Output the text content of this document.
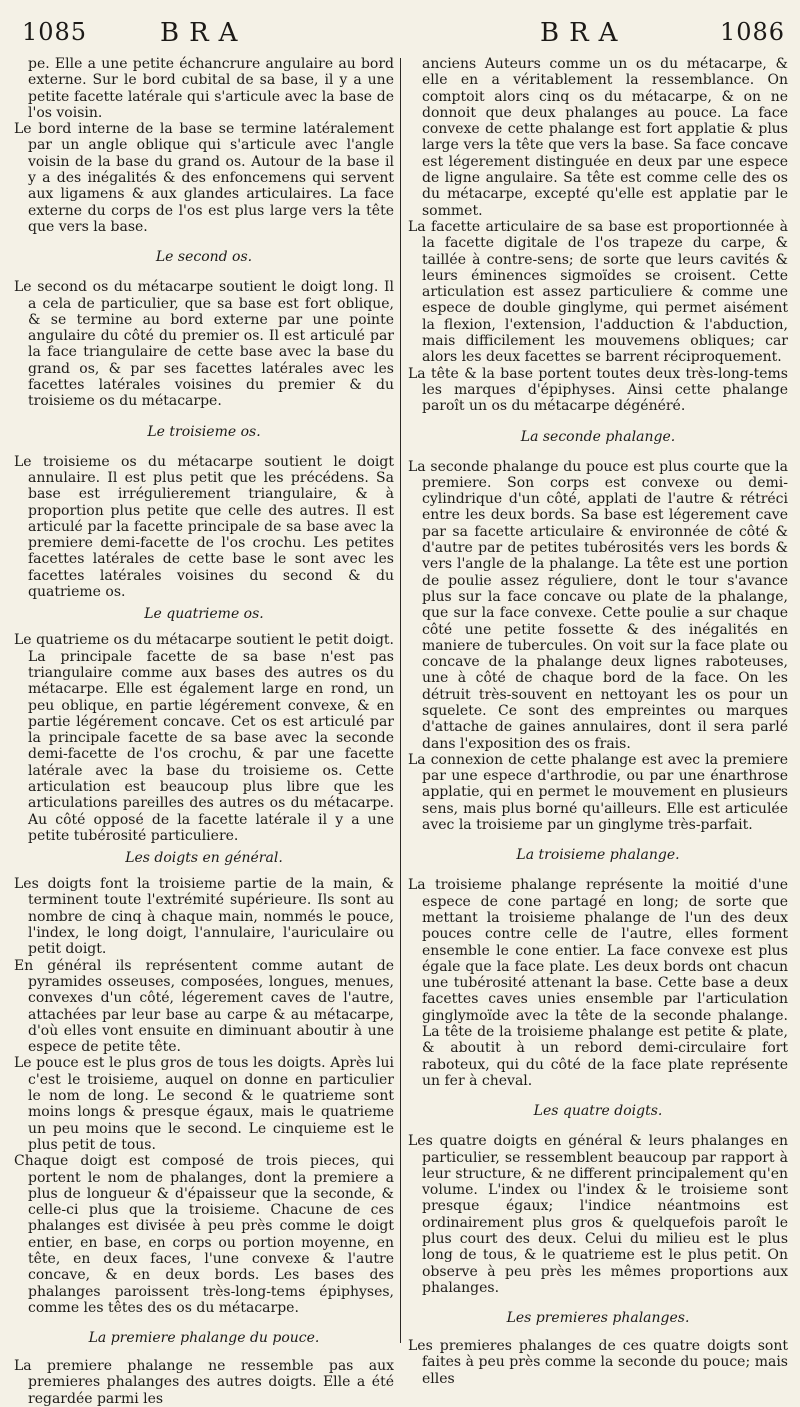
1085	BRA	BRA	1086

pe. Elle a une petite échancrure angulaire au bord externe. Sur le bord cubital de sa base, il y a une petite facette latérale qui s'articule avec la base de l'os voisin.

Le bord interne de la base se termine latéralement par un angle oblique qui s'articule avec l'angle voisin de la base du grand os. Autour de la base il y a des inégalités & des enfoncemens qui servent aux ligamens & aux glandes articulaires. La face externe du corps de l'os est plus large vers la tête que vers la base.

Le second os.

Le second os du métacarpe soutient le doigt long. Il a cela de particulier, que sa base est fort oblique, & se termine au bord externe par une pointe angulaire du côté du premier os. Il est articulé par la face triangulaire de cette base avec la base du grand os, & par ses facettes latérales avec les facettes latérales voisines du premier & du troisieme os du métacarpe.

Le troisieme os.

Le troisieme os du métacarpe soutient le doigt annulaire. Il est plus petit que les précédens. Sa base est irrégulierement triangulaire, & à proportion plus petite que celle des autres. Il est articulé par la facette principale de sa base avec la premiere demi-facette de l'os crochu. Les petites facettes latérales de cette base le sont avec les facettes latérales voisines du second & du quatrieme os.

Le quatrieme os.

Le quatrieme os du métacarpe soutient le petit doigt. La principale facette de sa base n'est pas triangulaire comme aux bases des autres os du métacarpe. Elle est également large en rond, un peu oblique, en partie légérement convexe, & en partie légérement concave. Cet os est articulé par la principale facette de sa base avec la seconde demi-facette de l'os crochu, & par une facette latérale avec la base du troisieme os. Cette articulation est beaucoup plus libre que les articulations pareilles des autres os du métacarpe. Au côté opposé de la facette latérale il y a une petite tubérosité particuliere.

Les doigts en général.

Les doigts font la troisieme partie de la main, & terminent toute l'extrémité supérieure. Ils sont au nombre de cinq à chaque main, nommés le pouce, l'index, le long doigt, l'annulaire, l'auriculaire ou petit doigt.

En général ils représentent comme autant de pyramides osseuses, composées, longues, menues, convexes d'un côté, légerement caves de l'autre, attachées par leur base au carpe & au métacarpe, d'où elles vont ensuite en diminuant aboutir à une espece de petite tête.

Le pouce est le plus gros de tous les doigts. Après lui c'est le troisieme, auquel on donne en particulier le nom de long. Le second & le quatrieme sont moins longs & presque égaux, mais le quatrieme un peu moins que le second. Le cinquieme est le plus petit de tous.

Chaque doigt est composé de trois pieces, qui portent le nom de phalanges, dont la premiere a plus de longueur & d'épaisseur que la seconde, & celle-ci plus que la troisieme. Chacune de ces phalanges est divisée à peu près comme le doigt entier, en base, en corps ou portion moyenne, en tête, en deux faces, l'une convexe & l'autre concave, & en deux bords. Les bases des phalanges paroissent très-long-tems épiphyses, comme les têtes des os du métacarpe.

La premiere phalange du pouce.

La premiere phalange ne ressemble pas aux premieres phalanges des autres doigts. Elle a été regardée parmi les

anciens Auteurs comme un os du métacarpe, & elle en a véritablement la ressemblance. On comptoit alors cinq os du métacarpe, & on ne donnoit que deux phalanges au pouce. La face convexe de cette phalange est fort applatie & plus large vers la tête que vers la base. Sa face concave est légerement distinguée en deux par une espece de ligne angulaire. Sa tête est comme celle des os du métacarpe, excepté qu'elle est applatie par le sommet.

La facette articulaire de sa base est proportionnée à la facette digitale de l'os trapeze du carpe, & taillée à contre-sens; de sorte que leurs cavités & leurs éminences sigmoïdes se croisent. Cette articulation est assez particuliere & comme une espece de double ginglyme, qui permet aisément la flexion, l'extension, l'adduction & l'abduction, mais difficilement les mouvemens obliques; car alors les deux facettes se barrent réciproquement.

La tête & la base portent toutes deux très-long-tems les marques d'épiphyses. Ainsi cette phalange paroît un os du métacarpe dégénéré.

La seconde phalange.

La seconde phalange du pouce est plus courte que la premiere. Son corps est convexe ou demi-cylindrique d'un côté, applati de l'autre & rétréci entre les deux bords. Sa base est légerement cave par sa facette articulaire & environnée de côté & d'autre par de petites tubérosités vers les bords & vers l'angle de la phalange. La tête est une portion de poulie assez réguliere, dont le tour s'avance plus sur la face concave ou plate de la phalange, que sur la face convexe. Cette poulie a sur chaque côté une petite fossette & des inégalités en maniere de tubercules. On voit sur la face plate ou concave de la phalange deux lignes raboteuses, une à côté de chaque bord de la face. On les détruit très-souvent en nettoyant les os pour un squelete. Ce sont des empreintes ou marques d'attache de gaines annulaires, dont il sera parlé dans l'exposition des os frais.

La connexion de cette phalange est avec la premiere par une espece d'arthrodie, ou par une énarthrose applatie, qui en permet le mouvement en plusieurs sens, mais plus borné qu'ailleurs. Elle est articulée avec la troisieme par un ginglyme très-parfait.

La troisieme phalange.

La troisieme phalange représente la moitié d'une espece de cone partagé en long; de sorte que mettant la troisieme phalange de l'un des deux pouces contre celle de l'autre, elles forment ensemble le cone entier. La face convexe est plus égale que la face plate. Les deux bords ont chacun une tubérosité attenant la base. Cette base a deux facettes caves unies ensemble par l'articulation ginglymoïde avec la tête de la seconde phalange. La tête de la troisieme phalange est petite & plate, & aboutit à un rebord demi-circulaire fort raboteux, qui du côté de la face plate représente un fer à cheval.

Les quatre doigts.

Les quatre doigts en général & leurs phalanges en particulier, se ressemblent beaucoup par rapport à leur structure, & ne different principalement qu'en volume. L'index ou l'index & le troisieme sont presque égaux; l'indice néantmoins est ordinairement plus gros & quelquefois paroît le plus court des deux. Celui du milieu est le plus long de tous, & le quatrieme est le plus petit. On observe à peu près les mêmes proportions aux phalanges.

Les premieres phalanges.

Les premieres phalanges de ces quatre doigts sont faites à peu près comme la seconde du pouce; mais elles
